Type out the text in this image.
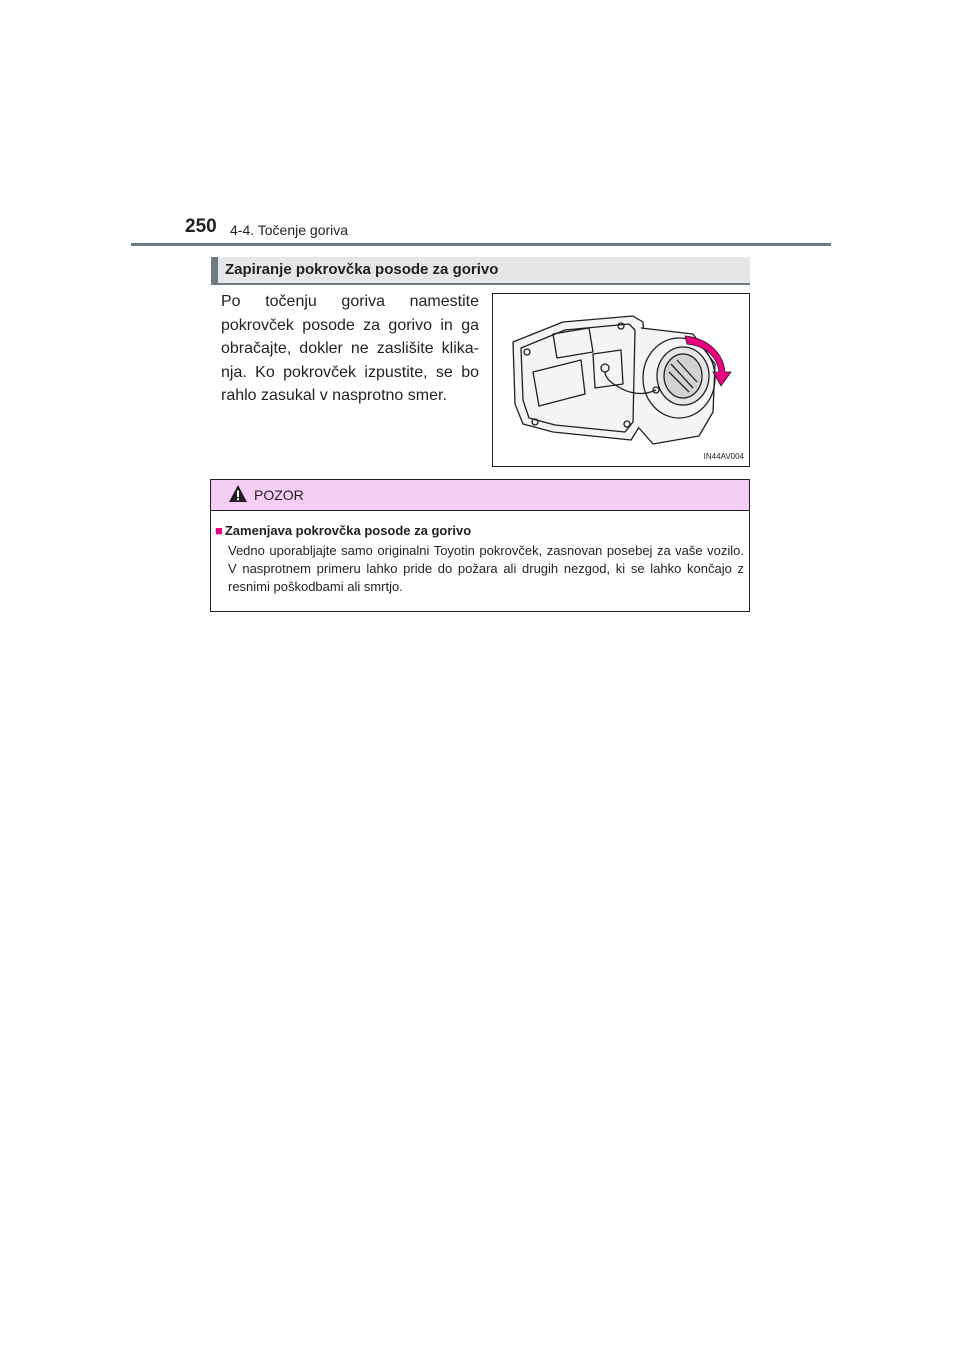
250 4-4. Točenje goriva
Zapiranje pokrovčka posode za gorivo
Po točenju goriva namestite pokrovček posode za gorivo in ga obračajte, dokler ne zaslišite klika-nja. Ko pokrovček izpustite, se bo rahlo zasukal v nasprotno smer.
IN44AV004
POZOR
■ Zamenjava pokrovčka posode za gorivo
Vedno uporabljajte samo originalni Toyotin pokrovček, zasnovan posebej za vaše vozilo. V nasprotnem primeru lahko pride do požara ali drugih nezgod, ki se lahko končajo z resnimi poškodbami ali smrtjo.
